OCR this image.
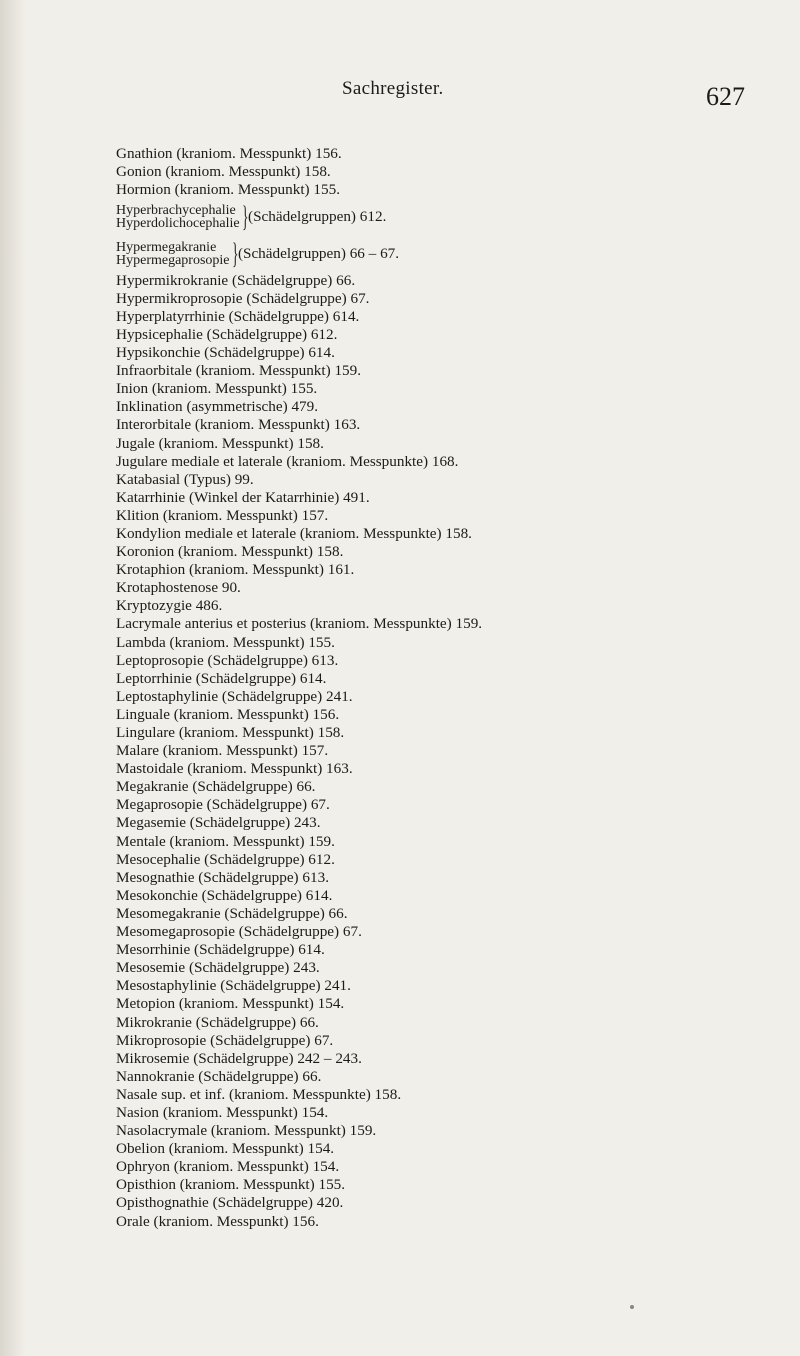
Sachregister.	627
Gnathion (kraniom. Messpunkt) 156.
Gonion (kraniom. Messpunkt) 158.
Hormion (kraniom. Messpunkt) 155.
Hyperbrachycephalie
Hyperdolichocephalie } (Schädelgruppen) 612.
Hypermegakranie
Hypermegaprosopie } (Schädelgruppen) 66 – 67.
Hypermikrokranie (Schädelgruppe) 66.
Hypermikroprosopie (Schädelgruppe) 67.
Hyperplatyrrhinie (Schädelgruppe) 614.
Hypsicephalie (Schädelgruppe) 612.
Hypsikonchie (Schädelgruppe) 614.
Infraorbitale (kraniom. Messpunkt) 159.
Inion (kraniom. Messpunkt) 155.
Inklination (asymmetrische) 479.
Interorbitale (kraniom. Messpunkt) 163.
Jugale (kraniom. Messpunkt) 158.
Jugulare mediale et laterale (kraniom. Messpunkte) 168.
Katabasial (Typus) 99.
Katarrhinie (Winkel der Katarrhinie) 491.
Klition (kraniom. Messpunkt) 157.
Kondylion mediale et laterale (kraniom. Messpunkte) 158.
Koronion (kraniom. Messpunkt) 158.
Krotaphion (kraniom. Messpunkt) 161.
Krotaphostenose 90.
Kryptozygie 486.
Lacrymale anterius et posterius (kraniom. Messpunkte) 159.
Lambda (kraniom. Messpunkt) 155.
Leptoprosopie (Schädelgruppe) 613.
Leptorrhinie (Schädelgruppe) 614.
Leptostaphylinie (Schädelgruppe) 241.
Linguale (kraniom. Messpunkt) 156.
Lingulare (kraniom. Messpunkt) 158.
Malare (kraniom. Messpunkt) 157.
Mastoidale (kraniom. Messpunkt) 163.
Megakranie (Schädelgruppe) 66.
Megaprosopie (Schädelgruppe) 67.
Megasemie (Schädelgruppe) 243.
Mentale (kraniom. Messpunkt) 159.
Mesocephalie (Schädelgruppe) 612.
Mesognathie (Schädelgruppe) 613.
Mesokonchie (Schädelgruppe) 614.
Mesomegakranie (Schädelgruppe) 66.
Mesomegaprosopie (Schädelgruppe) 67.
Mesorrhinie (Schädelgruppe) 614.
Mesosemie (Schädelgruppe) 243.
Mesostaphylinie (Schädelgruppe) 241.
Metopion (kraniom. Messpunkt) 154.
Mikrokranie (Schädelgruppe) 66.
Mikroprosopie (Schädelgruppe) 67.
Mikrosemie (Schädelgruppe) 242 – 243.
Nannokranie (Schädelgruppe) 66.
Nasale sup. et inf. (kraniom. Messpunkte) 158.
Nasion (kraniom. Messpunkt) 154.
Nasolacrymale (kraniom. Messpunkt) 159.
Obelion (kraniom. Messpunkt) 154.
Ophryon (kraniom. Messpunkt) 154.
Opisthion (kraniom. Messpunkt) 155.
Opisthognathie (Schädelgruppe) 420.
Orale (kraniom. Messpunkt) 156.
